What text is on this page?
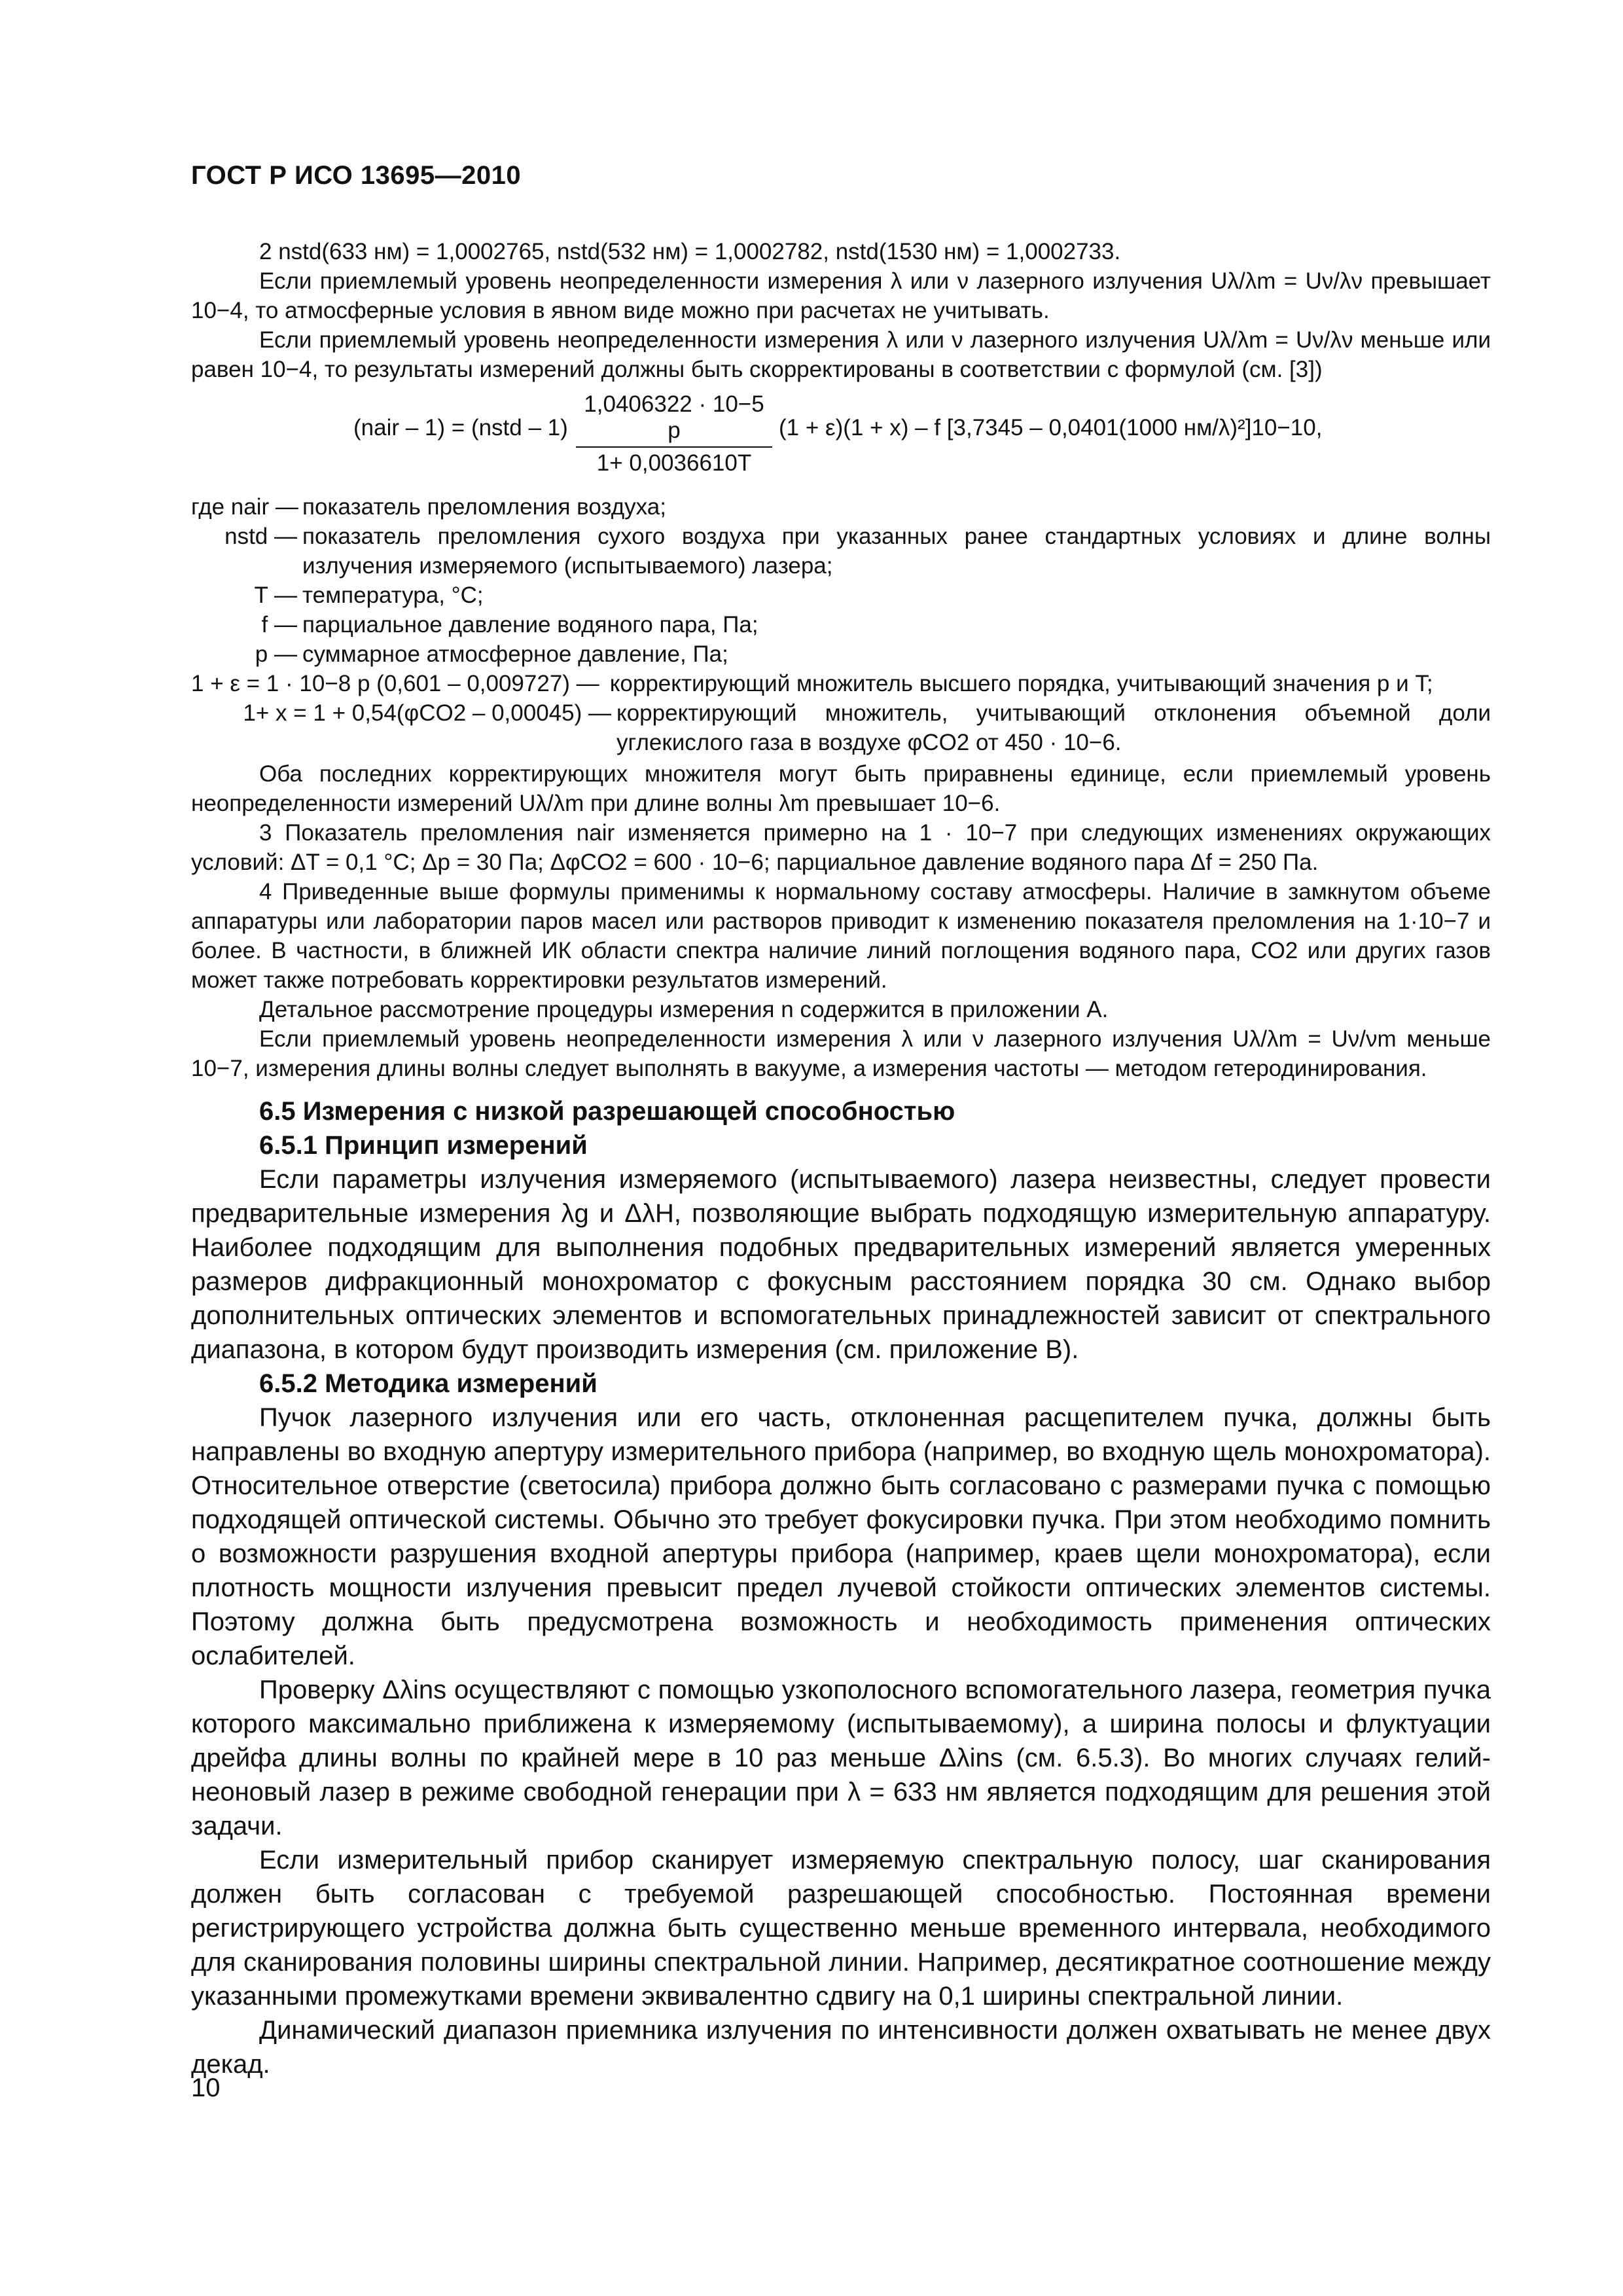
ГОСТ Р ИСО 13695—2010

2 nstd(633 нм) = 1,0002765, nstd(532 нм) = 1,0002782, nstd(1530 нм) = 1,0002733.

Если приемлемый уровень неопределенности измерения λ или ν лазерного излучения Uλ/λm = Uν/λν превышает 10−4, то атмосферные условия в явном виде можно при расчетах не учитывать.

Если приемлемый уровень неопределенности измерения λ или ν лазерного излучения Uλ/λm = Uν/λν меньше или равен 10−4, то результаты измерений должны быть скорректированы в соответствии с формулой (см. [3])

(nair – 1) = (nstd – $1) \frac{1,0406322 \cdot 10-5 p}{1+ 0,0036610T} (1 + \varepsilon)(1 + x) - f$ [3,7345 – 0,0401(1000 нм/λ)²]10−10,
где nair — показатель преломления воздуха;
nstd — показатель преломления сухого воздуха при указанных ранее стандартных условиях и длине волны излучения измеряемого (испытываемого) лазера;
T — температура, °С;
f — парциальное давление водяного пара, Па;
p — суммарное атмосферное давление, Па;
1 + ε = 1 · 10−8 p (0,601 – 0,009727) — корректирующий множитель высшего порядка, учитывающий значения p и T;
1+ x = 1 + 0,54(φCO2 – 0,00045) — корректирующий множитель, учитывающий отклонения объемной доли углекислого газа в воздухе φCO2 от 450 · 10−6.

Оба последних корректирующих множителя могут быть приравнены единице, если приемлемый уровень неопределенности измерений Uλ/λm при длине волны λm превышает 10−6.

3 Показатель преломления nair изменяется примерно на 1 · 10−7 при следующих изменениях окружающих условий: ΔT = 0,1 °С; Δp = 30 Па; ΔφCO2 = 600 · 10−6; парциальное давление водяного пара Δf = 250 Па.

4 Приведенные выше формулы применимы к нормальному составу атмосферы. Наличие в замкнутом объеме аппаратуры или лаборатории паров масел или растворов приводит к изменению показателя преломления на 1·10−7 и более. В частности, в ближней ИК области спектра наличие линий поглощения водяного пара, CO2 или других газов может также потребовать корректировки результатов измерений.

Детальное рассмотрение процедуры измерения n содержится в приложении А.

Если приемлемый уровень неопределенности измерения λ или ν лазерного излучения Uλ/λm = Uν/νm меньше 10−7, измерения длины волны следует выполнять в вакууме, а измерения частоты — методом гетеродинирования.

6.5 Измерения с низкой разрешающей способностью

6.5.1 Принцип измерений

Если параметры излучения измеряемого (испытываемого) лазера неизвестны, следует провести предварительные измерения λg и ΔλH, позволяющие выбрать подходящую измерительную аппаратуру. Наиболее подходящим для выполнения подобных предварительных измерений является умеренных размеров дифракционный монохроматор с фокусным расстоянием порядка 30 см. Однако выбор дополнительных оптических элементов и вспомогательных принадлежностей зависит от спектрального диапазона, в котором будут производить измерения (см. приложение В).

6.5.2 Методика измерений

Пучок лазерного излучения или его часть, отклоненная расщепителем пучка, должны быть направлены во входную апертуру измерительного прибора (например, во входную щель монохроматора). Относительное отверстие (светосила) прибора должно быть согласовано с размерами пучка с помощью подходящей оптической системы. Обычно это требует фокусировки пучка. При этом необходимо помнить о возможности разрушения входной апертуры прибора (например, краев щели монохроматора), если плотность мощности излучения превысит предел лучевой стойкости оптических элементов системы. Поэтому должна быть предусмотрена возможность и необходимость применения оптических ослабителей.

Проверку Δλins осуществляют с помощью узкополосного вспомогательного лазера, геометрия пучка которого максимально приближена к измеряемому (испытываемому), а ширина полосы и флуктуации дрейфа длины волны по крайней мере в 10 раз меньше Δλins (см. 6.5.3). Во многих случаях гелий-неоновый лазер в режиме свободной генерации при λ = 633 нм является подходящим для решения этой задачи.

Если измерительный прибор сканирует измеряемую спектральную полосу, шаг сканирования должен быть согласован с требуемой разрешающей способностью. Постоянная времени регистрирующего устройства должна быть существенно меньше временного интервала, необходимого для сканирования половины ширины спектральной линии. Например, десятикратное соотношение между указанными промежутками времени эквивалентно сдвигу на 0,1 ширины спектральной линии.

Динамический диапазон приемника излучения по интенсивности должен охватывать не менее двух декад.

10
